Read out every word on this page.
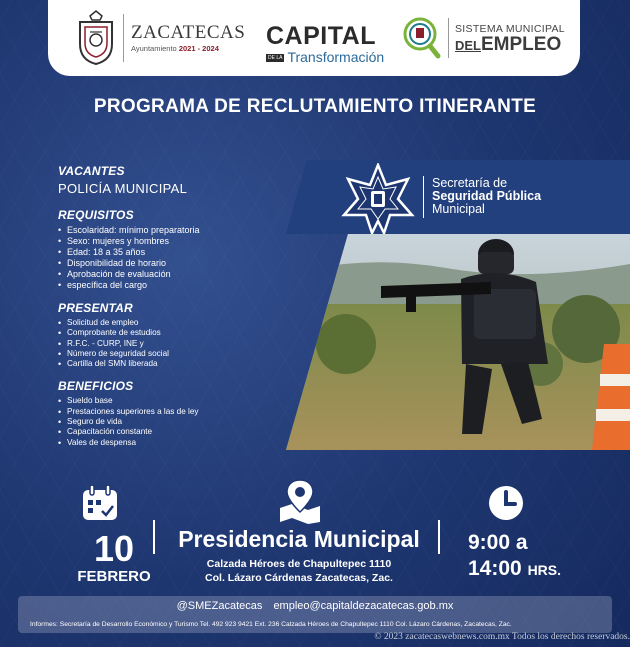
ZACATECAS
Ayuntamiento 2021 - 2024	CAPITAL
DE LA Transformación
SISTEMA MUNICIPAL
DELEMPLEO
PROGRAMA DE RECLUTAMIENTO ITINERANTE
VACANTES
POLICÍA MUNICIPAL
REQUISITOS
• Escolaridad: mínimo preparatoria
• Sexo: mujeres y hombres
• Edad: 18 a 35 años
• Disponibilidad de horario
• Aprobación de evaluación
• específica del cargo
PRESENTAR
• Solicitud de empleo
• Comprobante de estudios
• R.F.C. - CURP, INE y
• Número de seguridad social
• Cartilla del SMN liberada
BENEFICIOS
• Sueldo base
• Prestaciones superiores a las de ley
• Seguro de vida
• Capacitación constante
• Vales de despensa
Secretaría de
Seguridad Pública
Municipal
10
FEBRERO
Presidencia Municipal
Calzada Héroes de Chapultepec 1110
Col. Lázaro Cárdenas Zacatecas, Zac.
9:00 a
14:00 HRS.
@SMEZacatecas empleo@capitaldezacatecas.gob.mx
Informes: Secretaría de Desarrollo Económico y Turismo Tel. 492 923 9421 Ext. 236 Calzada Héroes de Chapultepec 1110 Col. Lázaro Cárdenas, Zacatecas, Zac.
© 2023 zacatecaswebnews.com.mx Todos los derechos reservados.
